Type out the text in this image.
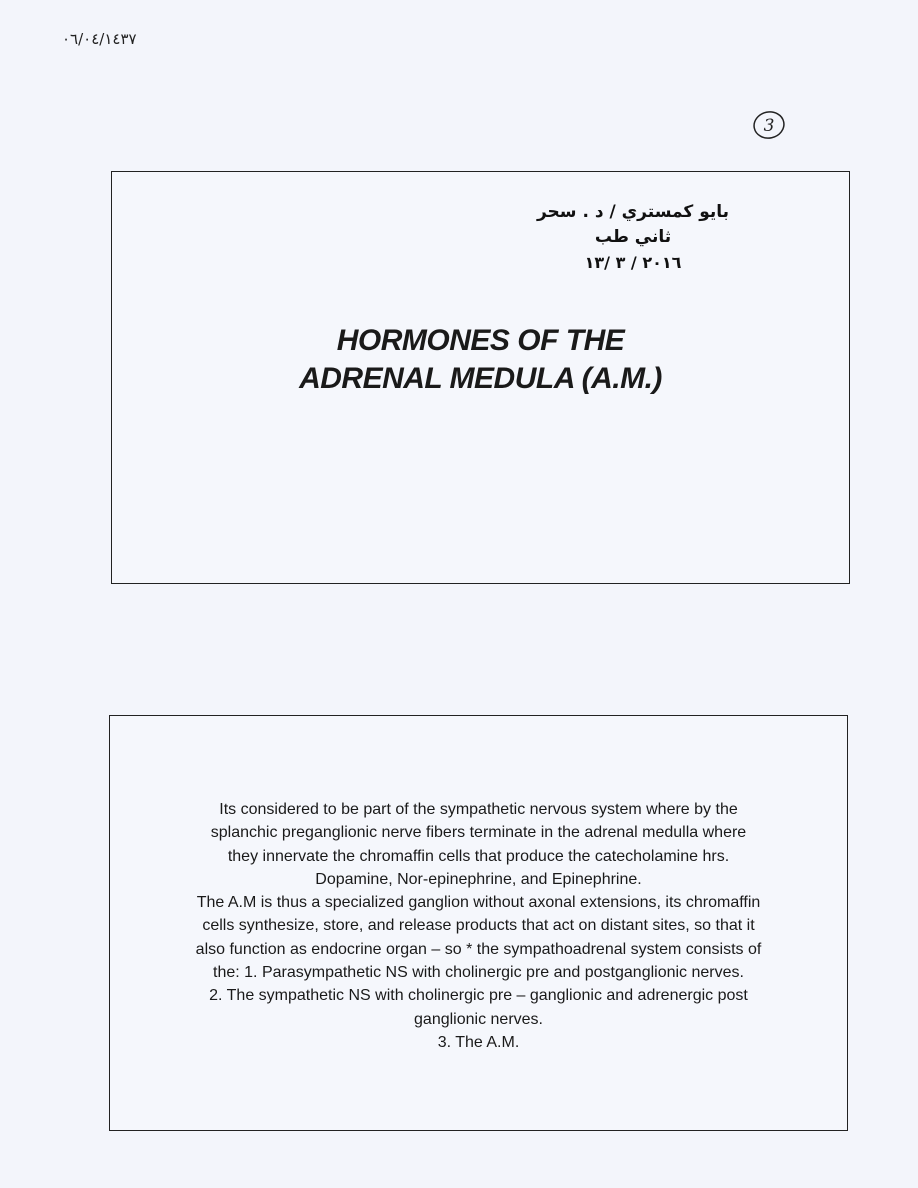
٠٦/٠٤/١٤٣٧
3
بايو كمستري / د . سحر
ثاني طب
٢٠١٦ / ٣ /١٣
HORMONES OF THE
ADRENAL MEDULA (A.M.)

Its considered to be part of the sympathetic nervous system where by the

splanchic preganglionic nerve fibers terminate in the adrenal medulla where

they innervate the chromaffin cells that produce the catecholamine hrs.

Dopamine, Nor-epinephrine, and Epinephrine.

The A.M is thus a specialized ganglion without axonal extensions, its chromaffin

cells synthesize, store, and release products that act on distant sites, so that it

also function as endocrine organ – so * the sympathoadrenal system consists of

the: 1. Parasympathetic NS with cholinergic pre and postganglionic nerves.

2. The sympathetic NS with cholinergic pre – ganglionic and adrenergic post

ganglionic nerves.

3. The A.M.
